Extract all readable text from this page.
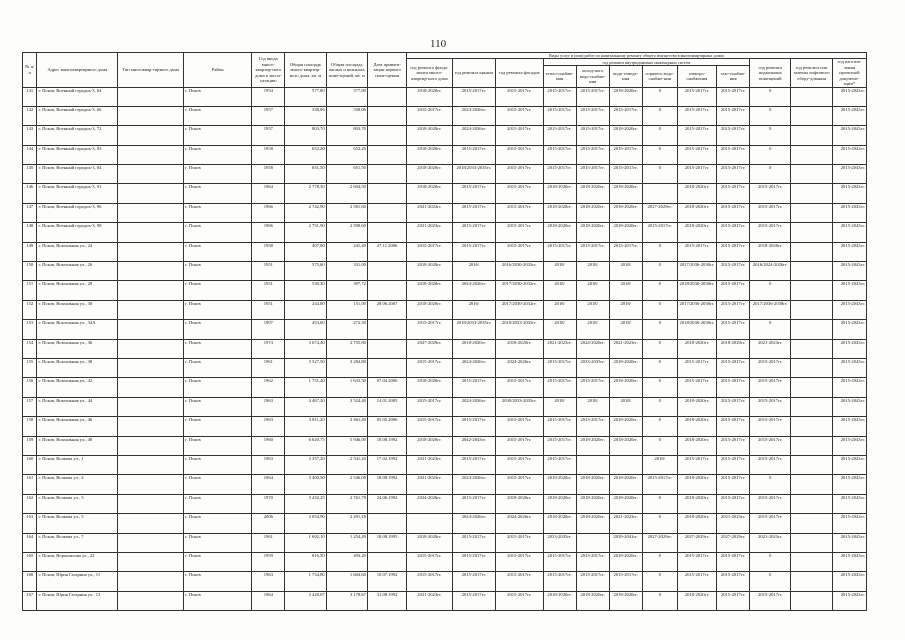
110
№ п/п	Адрес многоквартирного дома	Тип многоквар-тирного дома	Район	Год ввода много-квартир-ного дома в экспл-уатацию	Общая площадь много-квартир-ного дома, кв. м	Общая площадь жилых и нежилых поме-щений, кв. м	Дата привати-зации первого поме-щения	Виды услуг и (или) работ по капитальному ремонту общего имущества в многоквартирных домах											
								год ремонта фунда-мента много-квартир-ного дома	год ремонта крыши	год ремонта фасадов	год ремонта внутридомовых инженерных систем						год ремонта подвальных помещений	год ремонта или замены лифтового обору-дования	год изготов-ления проектной документ-ации*
											тепло-снабже-ния	холод-ного водо-снабже-ния	водо-отведе-ния	горячего водо-снабже-ния	электро-снабжения	газо-снабже-ния			
141	г. Псков, Военный городок-3, 64		г. Псков	1954	577,80	577,80		2018-2020гг.	2015-2017гг.	2015-2017гг.	2015-2017гг.	2015-2017гг.	2018-2020гг.	0	2015-2017гг.	2015-2017гг.	0		2015-2043гг.
142	г. Псков, Военный городок-3, 66		г. Псков	1957	338,06	338,06		2015-2017гг.	2024-2026гг.	2015-2017гг.	2015-2017гг.	2015-2017гг.	2015-2017гг.	0	2015-2017гг.	2015-2017гг.	0		2015-2043гг.
143	г. Псков, Военный городок-3, 72		г. Псков	1957	803,70	803,70		2018-2020гг.	2024-2026гг.	2015-2017гг.	2015-2017гг.	2015-2017гг.	2018-2020гг.	0	2015-2017гг.	2015-2017гг.	0		2015-2043гг.
144	г. Псков, Военный городок-3, 83		г. Псков	1958	652,20	652,20		2018-2020гг.	2015-2017гг.	2015-2017гг.	2015-2017гг.	2015-2017гг.	2015-2017гг.	0	2015-2017гг.	2015-2017гг.	0		2015-2043гг.
145	г. Псков, Военный городок-3, 84		г. Псков	1958	651,50	651,50		2018-2020гг.	2018/2033-2035гг.	2015-2017гг.	2015-2017гг.	2015-2017гг.	2015-2017гг.	0	2015-2017гг.	2015-2017гг.	0		2015-2043гг.
146	г. Псков, Военный городок-3, 91		г. Псков	1964	2 778,30	2 604,50		2018-2020гг.	2015-2017гг.	2015-2017гг.	2018-2020гг.	2018-2020гг.	2018-2020гг.		2018-2020гг.	2015-2017гг.	2015-2017гг.		2015-2043гг.
147	г. Псков, Военный городок-3, 96		г. Псков	1966	2 742,90	2 581,60		2021-2023гг.	2015-2017гг.	2015-2017гг.	2018-2020гг.	2018-2020гг.	2018-2020гг.	2027-2029гг.	2018-2020гг.	2015-2017гг.	2015-2017гг.		2015-2043гг.
148	г. Псков, Военный городок-3, 98		г. Псков	1966	2 751,90	2 590,60		2021-2023гг.	2015-2017гг.	2015-2017гг.	2018-2020гг.	2018-2020гг.	2018-2020гг.	2015-2017гг.	2018-2020гг.	2015-2017гг.	2015-2017гг.		2015-2043гг.
149	г. Псков, Вокзальная ул., 24		г. Псков	1958	407,00	241,40	27.11.2006	2015-2017гг.	2015-2017гг.	2015-2017гг.	2015-2017гг.	2015-2017гг.	2015-2017гг.	0	2015-2017гг.	2015-2017гг.	2018-2020гг.		2015-2043гг.
150	г. Псков, Вокзальная ул., 26		г. Псков	1951	575,60	331,00		2018-2020гг.	2016/	2016/2030-2032гг.	2018/	2018/	2018/	0	2017/2036-2038гг.	2015-2017гг.	2016/2024-2026гг.		2015-2043гг.
151	г. Псков, Вокзальная ул., 28		г. Псков	1951	530,30	397,72		2018-2020гг.	2024-2026гг.	2017/2030-2032гг.	2018/	2018/	2018/	0	2018/2036-2038гг.	2015-2017гг.	0		2015-2043гг.
152	г. Псков, Вокзальная ул., 30		г. Псков	1951	244,00	151,00	28.06.2007	2018-2020гг.	2016/	2017/2030-2032гг.	2018/	2018/	2018/	0	2017/2036-2038гг.	2015-2017гг.	2017/2036-2038гг.		2015-2043гг.
153	г. Псков, Вокзальная ул., 34А		г. Псков	1907	453,00	272,30		2015-2017гг.	2018/2033-2035гг.	2018/2033-2035гг.	2018/	2018/	2018/	0	2018/2036-2038гг.	2015-2017гг.	0		2015-2043гг.
154	г. Псков, Вокзальная ул., 36		г. Псков	1973	3 674,40	2 755,80		2027-2029гг.	2018-2020гг.	2018-2020гг.	2021-2023гг.	2024-2026гг.	2021-2023гг.	0	2018-2020гг.	2018-2020гг.	2021-2023гг.		2015-2043гг.
155	г. Псков, Вокзальная ул., 38		г. Псков	1961	3 527,50	3 284,80		2015-2017гг.	2024-2026гг.	2024-2026гг.	2015-2017гг.	2033-2035гг.	2018-2020гг.	0	2015-2017гг.	2015-2017гг.	2015-2017гг.		2015-2043гг.
156	г. Псков, Вокзальная ул., 42		г. Псков	1962	1 751,40	1 632,50	07.04.2006	2018-2020гг.	2015-2017гг.	2015-2017гг.	2015-2017гг.	2015-2017гг.	2018-2020гг.	0	2015-2017гг.	2015-2017гг.	2015-2017гг.		2015-2043гг.
157	г. Псков, Вокзальная ул., 44		г. Псков	1963	4 467,20	3 524,40	14.01.2005	2015-2017гг.	2024-2026гг.	2030/2033-2035гг.	2018/	2018/	2018/	0	2018-2020гг.	2015-2017гг.	2015-2017гг.		2015-2043гг.
158	г. Псков, Вокзальная ул., 46		г. Псков	1963	3 811,20	3 461,40	05.05.2006	2015-2017гг.	2015-2017гг.	2015-2017гг.	2015-2017гг.	2015-2017гг.	2018-2020гг.	0	2018-2020гг.	2015-2017гг.	2015-2017гг.		2015-2043гг.
159	г. Псков, Вокзальная ул., 48		г. Псков	1960	6 620,75	5 946,00	18.08.1992	2018-2020гг.	2042-2043гг.	2015-2017гг.	2015-2017гг.	2018-2020гг.	2018-2020гг.	0	2018-2020гг.	2015-2017гг.	2015-2017гг.		2015-2043гг.
160	г. Псков, Волкова ул., 1		г. Псков	1963	3 357,20	2 541,20	17.02.1992	2021-2023гг.	2015-2017гг.	2015-2017гг.	2015-2017гг.			2018/	2015-2017гг.	2015-2017гг.	2015-2017гг.		2015-2043гг.
161	г. Псков, Волкова ул., 2		г. Псков	1964	3 400,50	2 546,00	18.08.1992	2021-2023гг.	2024-2026гг.	2015-2017гг.	2018-2020гг.	2018-2020гг.	2018-2020гг.	2015-2017гг.	2018-2020гг.	2015-2017гг.	0		2015-2043гг.
162	г. Псков, Волкова ул., 3		г. Псков	1970	3 432,25	2 761,78	24.06.1992	2024-2026гг.	2015-2017гг.	2018-2020гг.	2018-2020гг.	2018-2020гг.	2018-2020гг.	0	2018-2020гг.	2015-2017гг.	2015-2017гг.		2015-2043гг.
163	г. Псков, Волкова ул., 5		г. Псков	2006	3 054,90	2 291,18			2024-2026гг.	2024-2026гг.	2018-2020гг.	2018-2020гг.	2021-2023гг.	0	2018-2020гг.	2021-2023гг.	2015-2017гг.		2015-2043гг.
164	г. Псков, Волкова ул., 7		г. Псков	1961	1 692,10	1 254,49	18.08.1995	2018-2020гг.	2015-2017гг.	2015-2017гг.	2033-2035гг.		2039-2041гг.	2027-2029гг.	2027-2029гг.	2027-2029гг.	2021-2023гг.		2015-2043гг.
165	г. Псков, Ворошилова ул., 22		г. Псков	1959	616,50	493,20		2015-2017гг.	2015-2017гг.	2015-2017гг.	2015-2017гг.	2015-2017гг.	2018-2020гг.	0	2015-2017гг.	2015-2017гг.	0		2015-2043гг.
166	г. Псков, Юрия Гагарина ул., 11		г. Псков	1963	1 734,80	1 604,60	10.07.1992	2015-2017гг.	2015-2017гг.	2015-2017гг.	2015-2017гг.	2015-2017гг.	2015-2017гг.	0	2015-2017гг.	2015-2017гг.	0		2015-2043гг.
167	г. Псков, Юрия Гагарина ул., 13		г. Псков	1964	3 420,07	3 178,67	31.08.1992	2021-2023гг.	2015-2017гг.	2015-2017гг.	2018-2020гг.	2018-2020гг.	2018-2020гг.	0	2018-2020гг.	2015-2017гг.	2015-2017гг.		2015-2043гг.
